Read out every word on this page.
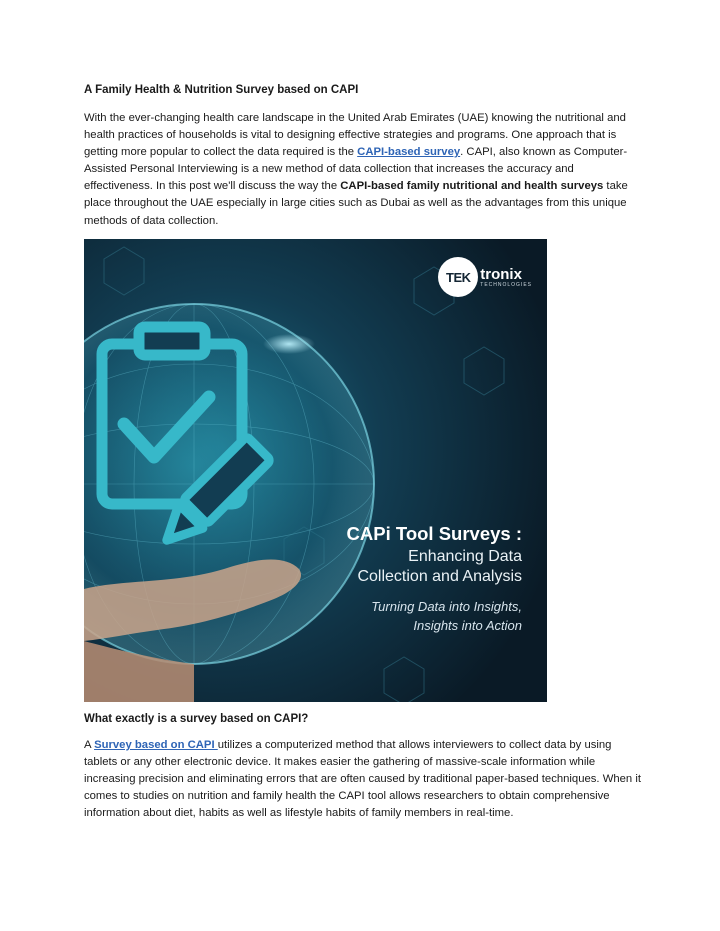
A Family Health & Nutrition Survey based on CAPI
With the ever-changing health care landscape in the United Arab Emirates (UAE) knowing the nutritional and health practices of households is vital to designing effective strategies and programs. One approach that is getting more popular to collect the data required is the CAPI-based survey. CAPI, also known as Computer-Assisted Personal Interviewing is a new method of data collection that increases the accuracy and effectiveness. In this post we'll discuss the way the CAPI-based family nutritional and health surveys take place throughout the UAE especially in large cities such as Dubai as well as the advantages from this unique methods of data collection.
TEK tronix
TECHNOLOGIES
CAPi Tool Surveys :
Enhancing Data
Collection and Analysis
Turning Data into Insights,
Insights into Action
What exactly is a survey based on CAPI?
A Survey based on CAPI utilizes a computerized method that allows interviewers to collect data by using tablets or any other electronic device. It makes easier the gathering of massive-scale information while increasing precision and eliminating errors that are often caused by traditional paper-based techniques. When it comes to studies on nutrition and family health the CAPI tool allows researchers to obtain comprehensive information about diet, habits as well as lifestyle habits of family members in real-time.
